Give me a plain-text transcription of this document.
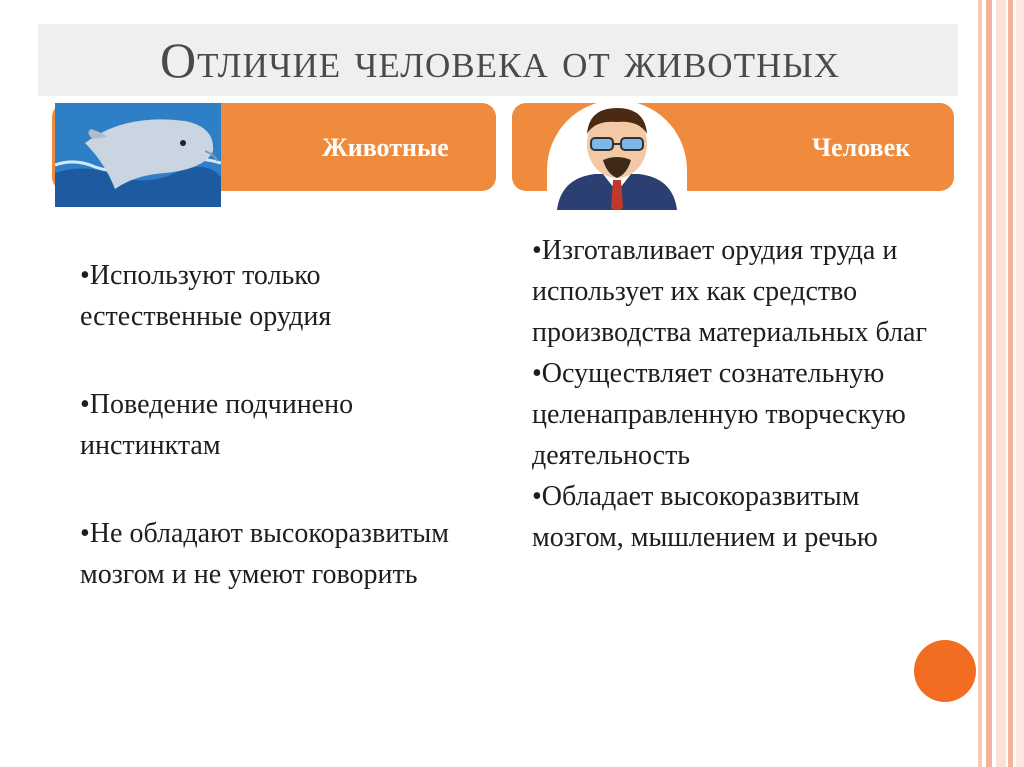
Отличие человека от животных
Животные	Человек

•Используют только естественные орудия

•Поведение подчинено инстинктам

•Не обладают высокоразвитым мозгом и не умеют говорить

•Изготавливает орудия труда и использует их как средство производства материальных благ

•Осуществляет сознательную целенаправленную творческую деятельность

•Обладает высокоразвитым мозгом, мышлением и речью
